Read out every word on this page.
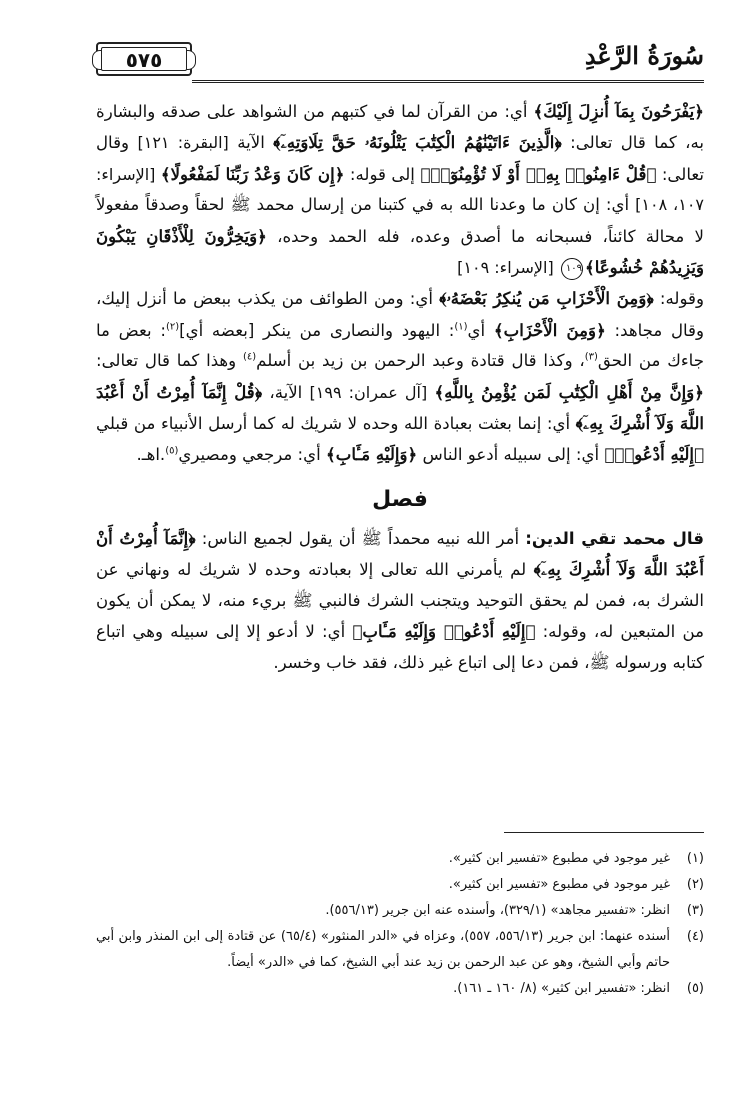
٥٧٥	سُورَةُ الرَّعْدِ

﴿يَفْرَحُونَ بِمَآ أُنزِلَ إِلَيْكَ﴾ أي: من القرآن لما في كتبهم من الشواهد على صدقه والبشارة به، كما قال تعالى: ﴿الَّذِينَ ءَاتَيْنَٰهُمُ الْكِتَٰبَ يَتْلُونَهُۥ حَقَّ تِلَاوَتِهِۦٓ﴾ الآية [البقرة: ١٢١] وقال تعالى: ﴿قُلْ ءَامِنُوا۟ بِهِۦٓ أَوْ لَا تُؤْمِنُوٓا۟﴾ إلى قوله: ﴿إِن كَانَ وَعْدُ رَبِّنَا لَمَفْعُولًا﴾ [الإسراء: ١٠٧، ١٠٨] أي: إن كان ما وعدنا الله به في كتبنا من إرسال محمد ﷺ لحقاً وصدقاً مفعولاً لا محالة كائناً، فسبحانه ما أصدق وعده، فله الحمد وحده، ﴿وَيَخِرُّونَ لِلْأَذْقَانِ يَبْكُونَ وَيَزِيدُهُمْ خُشُوعًا﴾١٠٩ [الإسراء: ١٠٩]

وقوله: ﴿وَمِنَ الْأَحْزَابِ مَن يُنكِرُ بَعْضَهُۥ﴾ أي: ومن الطوائف من يكذب ببعض ما أنزل إليك، وقال مجاهد: ﴿وَمِنَ الْأَحْزَابِ﴾ أي$^{(١)}$: اليهود والنصارى من ينكر [بعضه أي]$^{(٢)}$: بعض ما جاءك من الحق$^{(٣)}$، وكذا قال قتادة وعبد الرحمن بن زيد بن أسلم$^{(٤)}$ وهذا كما قال تعالى: ﴿وَإِنَّ مِنْ أَهْلِ الْكِتَٰبِ لَمَن يُؤْمِنُ بِاللَّهِ﴾ [آل عمران: ١٩٩] الآية، ﴿قُلْ إِنَّمَآ أُمِرْتُ أَنْ أَعْبُدَ اللَّهَ وَلَآ أُشْرِكَ بِهِۦٓ﴾ أي: إنما بعثت بعبادة الله وحده لا شريك له كما أرسل الأنبياء من قبلي ﴿إِلَيْهِ أَدْعُوا۟﴾ أي: إلى سبيله أدعو الناس ﴿وَإِلَيْهِ مَـَٔابِ﴾ أي: مرجعي ومصيري$^{(٥)}$.اهـ.

فصل

قال محمد تقي الدين: أمر الله نبيه محمداً ﷺ أن يقول لجميع الناس: ﴿إِنَّمَآ أُمِرْتُ أَنْ أَعْبُدَ اللَّهَ وَلَآ أُشْرِكَ بِهِۦٓ﴾ لم يأمرني الله تعالى إلا بعبادته وحده لا شريك له ونهاني عن الشرك به، فمن لم يحقق التوحيد ويتجنب الشرك فالنبي ﷺ بريء منه، لا يمكن أن يكون من المتبعين له، وقوله: ﴿إِلَيْهِ أَدْعُوا۟ وَإِلَيْهِ مَـَٔابِ﴾ أي: لا أدعو إلا إلى سبيله وهي اتباع كتابه ورسوله ﷺ، فمن دعا إلى اتباع غير ذلك، فقد خاب وخسر.

(١)
غير موجود في مطبوع «تفسير ابن كثير».
(٢)
غير موجود في مطبوع «تفسير ابن كثير».
(٣)
انظر: «تفسير مجاهد» (٣٢٩/١)، وأسنده عنه ابن جرير (٥٥٦/١٣).
(٤)
أسنده عنهما: ابن جرير (٥٥٦/١٣، ٥٥٧)، وعزاه في «الدر المنثور» (٦٥/٤) عن قتادة إلى ابن المنذر وابن أبي حاتم وأبي الشيخ، وهو عن عبد الرحمن بن زيد عند أبي الشيخ، كما في «الدر» أيضاً.
(٥)
انظر: «تفسير ابن كثير» (٨/ ١٦٠ ـ ١٦١).
